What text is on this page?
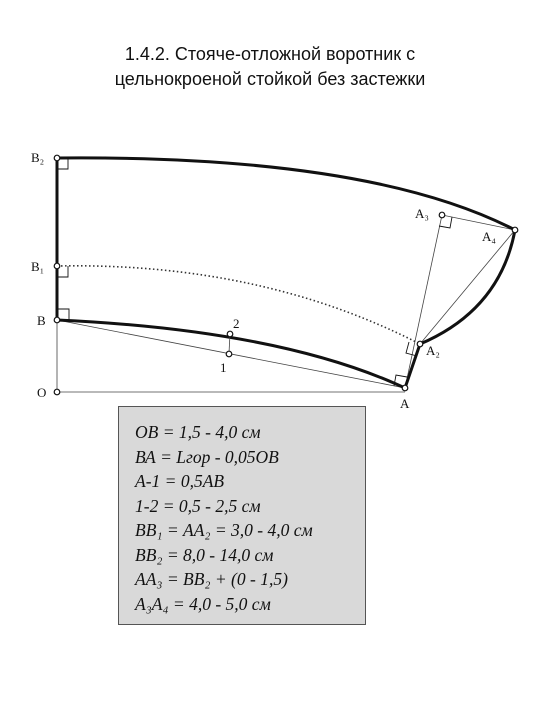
1.4.2. Стояче-отложной воротник с
цельнокроеной стойкой без застежки
В₂
В₁
В
О
А
А₂
А₃
А₄
1
2
ОВ = 1,5 - 4,0 см
ВА = Lгор - 0,05ОВ
А-1 = 0,5АВ
1-2 = 0,5 - 2,5 см
ВВ₁ = АА₂ = 3,0 - 4,0 см
ВВ₂ = 8,0 - 14,0 см
АА₃ = ВВ₂ + (0 - 1,5)
А₃А₄ = 4,0 - 5,0 см
